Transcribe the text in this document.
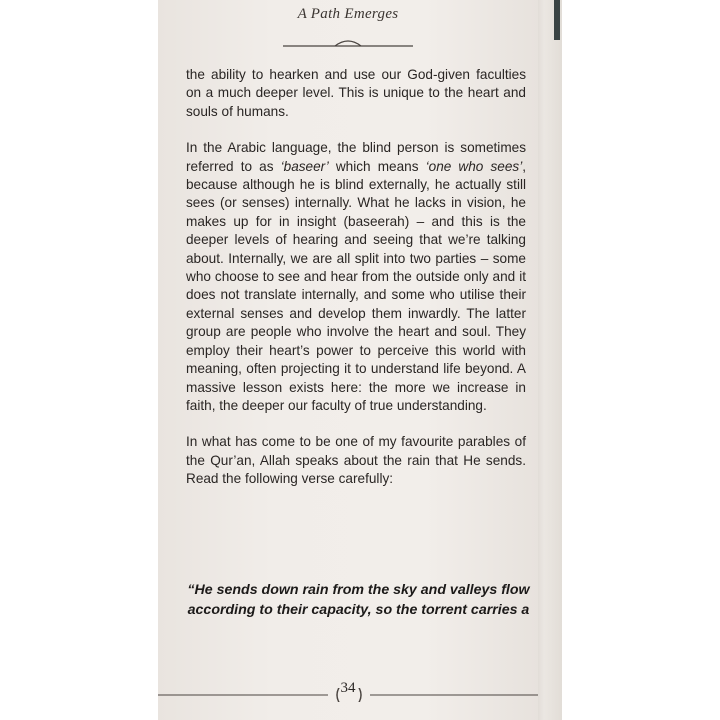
A Path Emerges

the ability to hearken and use our God-given faculties on a much deeper level. This is unique to the heart and souls of humans.

In the Arabic language, the blind person is sometimes referred to as ‘baseer’ which means ‘one who sees’, because although he is blind externally, he actually still sees (or senses) internally. What he lacks in vision, he makes up for in insight (baseerah) – and this is the deeper levels of hearing and seeing that we’re talking about. Internally, we are all split into two parties – some who choose to see and hear from the outside only and it does not translate internally, and some who utilise their external senses and develop them inwardly. The latter group are people who involve the heart and soul. They employ their heart’s power to perceive this world with meaning, often projecting it to understand life beyond. A massive lesson exists here: the more we increase in faith, the deeper our faculty of true understanding.

In what has come to be one of my favourite parables of the Qur’an, Allah speaks about the rain that He sends. Read the following verse carefully:

“He sends down rain from the sky and valleys flow according to their capacity, so the torrent carries a
34
